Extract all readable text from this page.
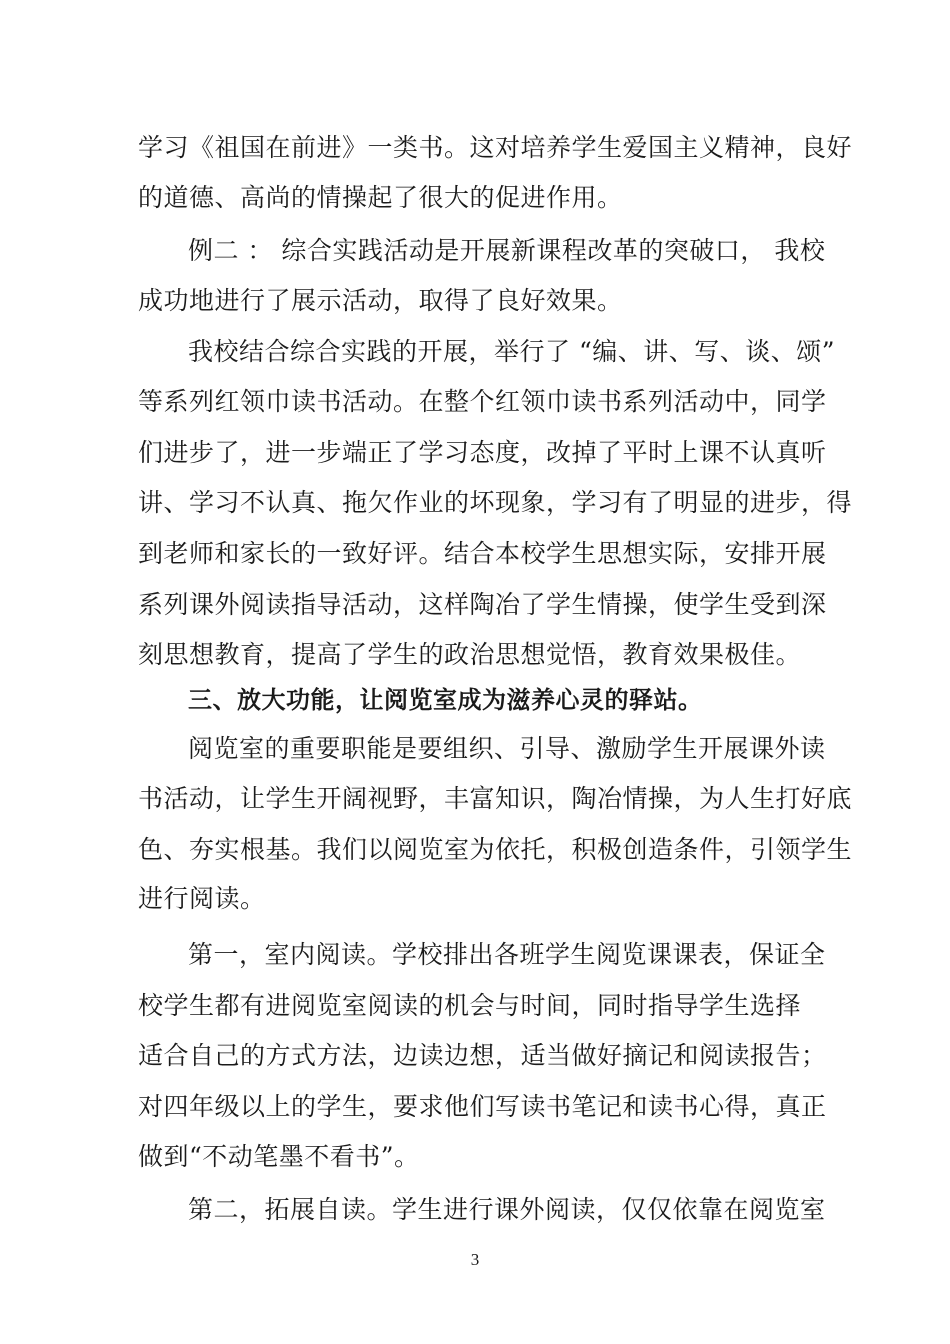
学习《祖国在前进》一类书。这对培养学生爱国主义精神，良好
的道德、高尚的情操起了很大的促进作用。
例二 ： 综合实践活动是开展新课程改革的突破口， 我校
成功地进行了展示活动，取得了良好效果。
我校结合综合实践的开展，举行了 “编、讲、写、谈、颂”
等系列红领巾读书活动。在整个红领巾读书系列活动中，同学
们进步了，进一步端正了学习态度，改掉了平时上课不认真听
讲、学习不认真、拖欠作业的坏现象，学习有了明显的进步，得
到老师和家长的一致好评。结合本校学生思想实际，安排开展
系列课外阅读指导活动，这样陶冶了学生情操，使学生受到深
刻思想教育，提高了学生的政治思想觉悟，教育效果极佳。
三、放大功能，让阅览室成为滋养心灵的驿站。
阅览室的重要职能是要组织、引导、激励学生开展课外读
书活动，让学生开阔视野，丰富知识，陶冶情操，为人生打好底
色、夯实根基。我们以阅览室为依托，积极创造条件，引领学生
进行阅读。
第一，室内阅读。学校排出各班学生阅览课课表，保证全
校学生都有进阅览室阅读的机会与时间，同时指导学生选择
适合自己的方式方法，边读边想，适当做好摘记和阅读报告；
对四年级以上的学生，要求他们写读书笔记和读书心得，真正
做到“不动笔墨不看书”。
第二，拓展自读。学生进行课外阅读，仅仅依靠在阅览室
3
